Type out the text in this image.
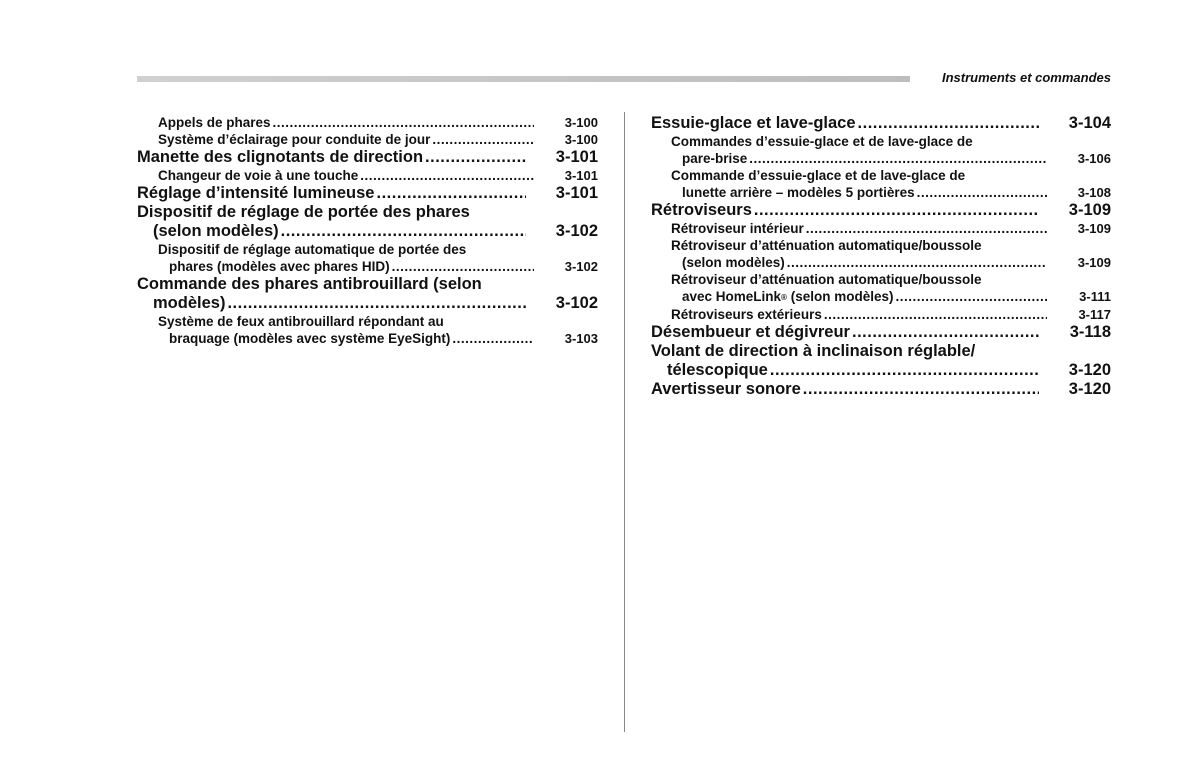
Instruments et commandes
Appels de phares .....	3-100
Système d’éclairage pour conduite de jour .....	3-100
Manette des clignotants de direction .....	3-101
Changeur de voie à une touche .....	3-101
Réglage d’intensité lumineuse .....	3-101
Dispositif de réglage de portée des phares
(selon modèles) .....	3-102
Dispositif de réglage automatique de portée des
phares (modèles avec phares HID) .....	3-102
Commande des phares antibrouillard (selon
modèles) .....	3-102
Système de feux antibrouillard répondant au
braquage (modèles avec système EyeSight) .....	3-103
Essuie-glace et lave-glace .....	3-104
Commandes d’essuie-glace et de lave-glace de
pare-brise .....	3-106
Commande d’essuie-glace et de lave-glace de
lunette arrière – modèles 5 portières .....	3-108
Rétroviseurs .....	3-109
Rétroviseur intérieur .....	3-109
Rétroviseur d’atténuation automatique/boussole
(selon modèles) .....	3-109
Rétroviseur d’atténuation automatique/boussole
avec HomeLink® (selon modèles) .....	3-111
Rétroviseurs extérieurs .....	3-117
Désembueur et dégivreur .....	3-118
Volant de direction à inclinaison réglable/
télescopique .....	3-120
Avertisseur sonore .....	3-120
